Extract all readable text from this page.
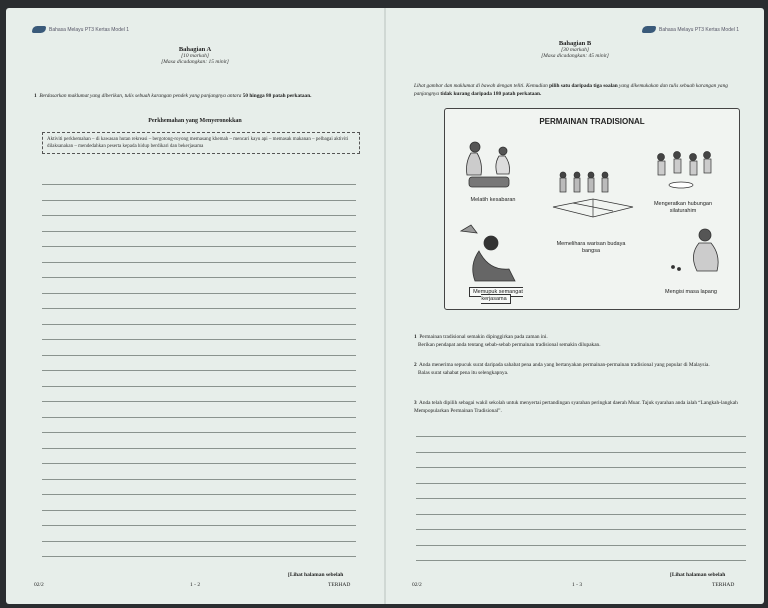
Bahasa Melayu PT3 Kertas Model 1
Bahagian A
[10 markah]
[Masa dicadangkan: 15 minit]
1 Berdasarkan maklumat yang diberikan, tulis sebuah karangan pendek yang panjangnya antara 50 hingga 80 patah perkataan.
Perkhemahan yang Menyeronokkan
Aktiviti perkhemahan – di kawasan hutan rekreasi – bergotong-royong memasang khemah – mencari kayu api – memasak makanan – pelbagai aktiviti dilaksanakan – mendedahkan peserta kepada hidup berdikari dan bekerjasama
02/2	1 - 2
[Lihat halaman sebelah
TERHAD
Bahasa Melayu PT3 Kertas Model 1
Bahagian B
[30 markah]
[Masa dicadangkan: 45 minit]
Lihat gambar dan maklumat di bawah dengan teliti. Kemudian pilih satu daripada tiga soalan yang dikemukakan dan tulis sebuah karangan yang panjangnya tidak kurang daripada 180 patah perkataan.
PERMAINAN TRADISIONAL
Melatih kesabaran
Mengeratkan hubungan silaturahim
Memelihara warisan budaya bangsa
Memupuk semangat kerjasama
Mengisi masa lapang
1 Permainan tradisional semakin dipinggirkan pada zaman ini.
Berikan pendapat anda tentang sebab-sebab permainan tradisional semakin dilupakan.
2 Anda menerima sepucuk surat daripada sahabat pena anda yang bertanyakan permainan-permainan tradisional yang popular di Malaysia.
Balas surat sahabat pena itu selengkapnya.
3 Anda telah dipilih sebagai wakil sekolah untuk menyertai pertandingan syarahan peringkat daerah Muar. Tajuk syarahan anda ialah “Langkah-langkah Mempopularkan Permainan Tradisional”.
02/2	1 - 3
[Lihat halaman sebelah
TERHAD
